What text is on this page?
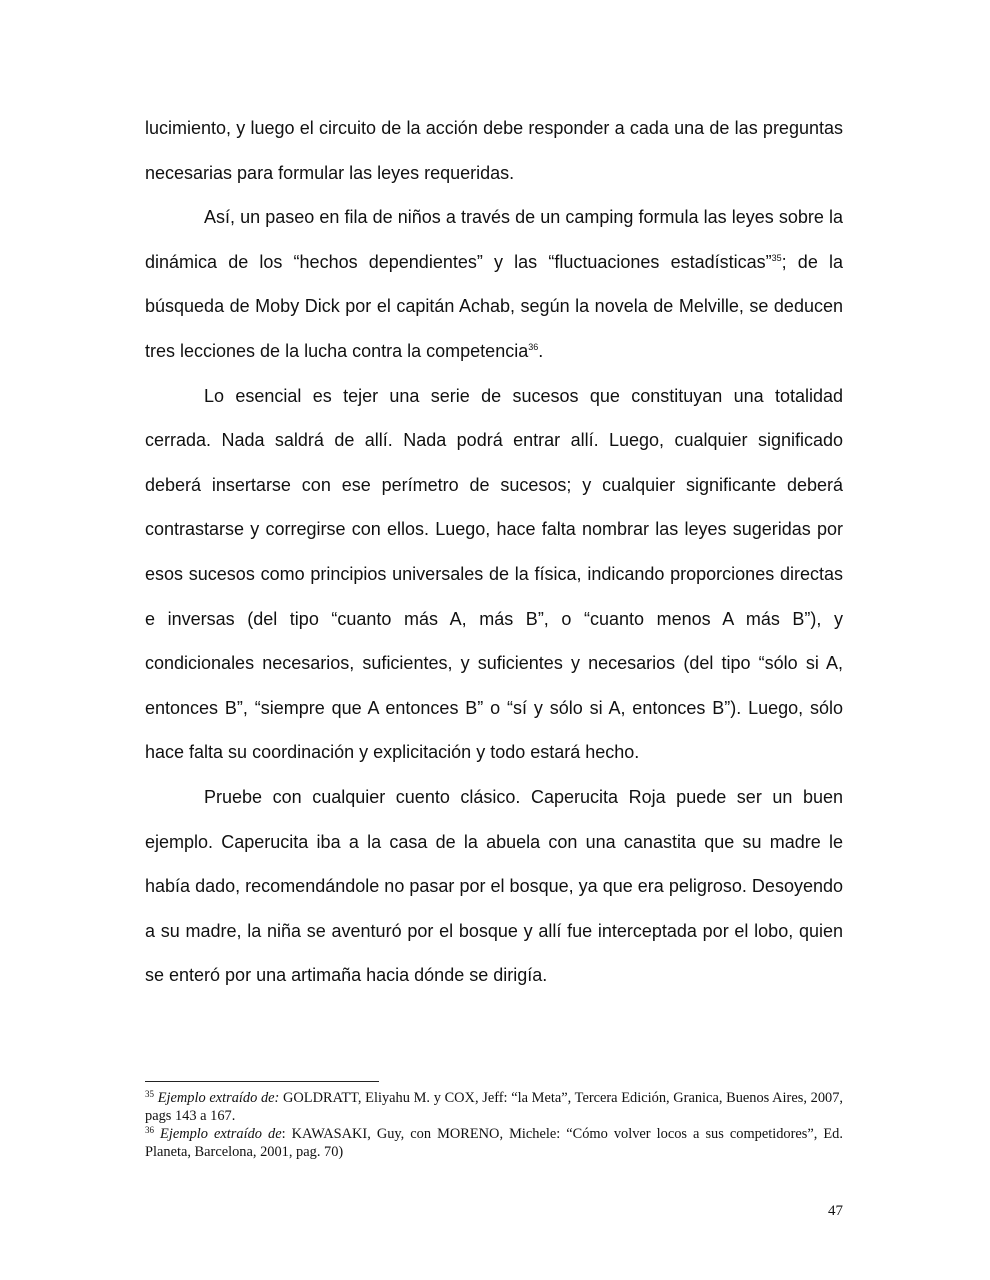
lucimiento, y luego el circuito de la acción debe responder a cada una de las preguntas necesarias para formular las leyes requeridas.

Así, un paseo en fila de niños a través de un camping formula las leyes sobre la dinámica de los “hechos dependientes” y las “fluctuaciones estadísticas”$^{35}$; de la búsqueda de Moby Dick por el capitán Achab, según la novela de Melville, se deducen tres lecciones de la lucha contra la competencia$^{36}$.

Lo esencial es tejer una serie de sucesos que constituyan una totalidad cerrada. Nada saldrá de allí. Nada podrá entrar allí. Luego, cualquier significado deberá insertarse con ese perímetro de sucesos; y cualquier significante deberá contrastarse y corregirse con ellos. Luego, hace falta nombrar las leyes sugeridas por esos sucesos como principios universales de la física, indicando proporciones directas e inversas (del tipo “cuanto más A, más B”, o “cuanto menos A más B”), y condicionales necesarios, suficientes, y suficientes y necesarios (del tipo “sólo si A, entonces B”, “siempre que A entonces B” o “sí y sólo si A, entonces B”). Luego, sólo hace falta su coordinación y explicitación y todo estará hecho.

Pruebe con cualquier cuento clásico. Caperucita Roja puede ser un buen ejemplo. Caperucita iba a la casa de la abuela con una canastita que su madre le había dado, recomendándole no pasar por el bosque, ya que era peligroso. Desoyendo a su madre, la niña se aventuró por el bosque y allí fue interceptada por el lobo, quien se enteró por una artimaña hacia dónde se dirigía.

$^{35}$ Ejemplo extraído de: GOLDRATT, Eliyahu M. y COX, Jeff: “la Meta”, Tercera Edición, Granica, Buenos Aires, 2007, pags 143 a 167.

$^{36}$ Ejemplo extraído de: KAWASAKI, Guy, con MORENO, Michele: “Cómo volver locos a sus competidores”, Ed. Planeta, Barcelona, 2001, pag. 70)

47
